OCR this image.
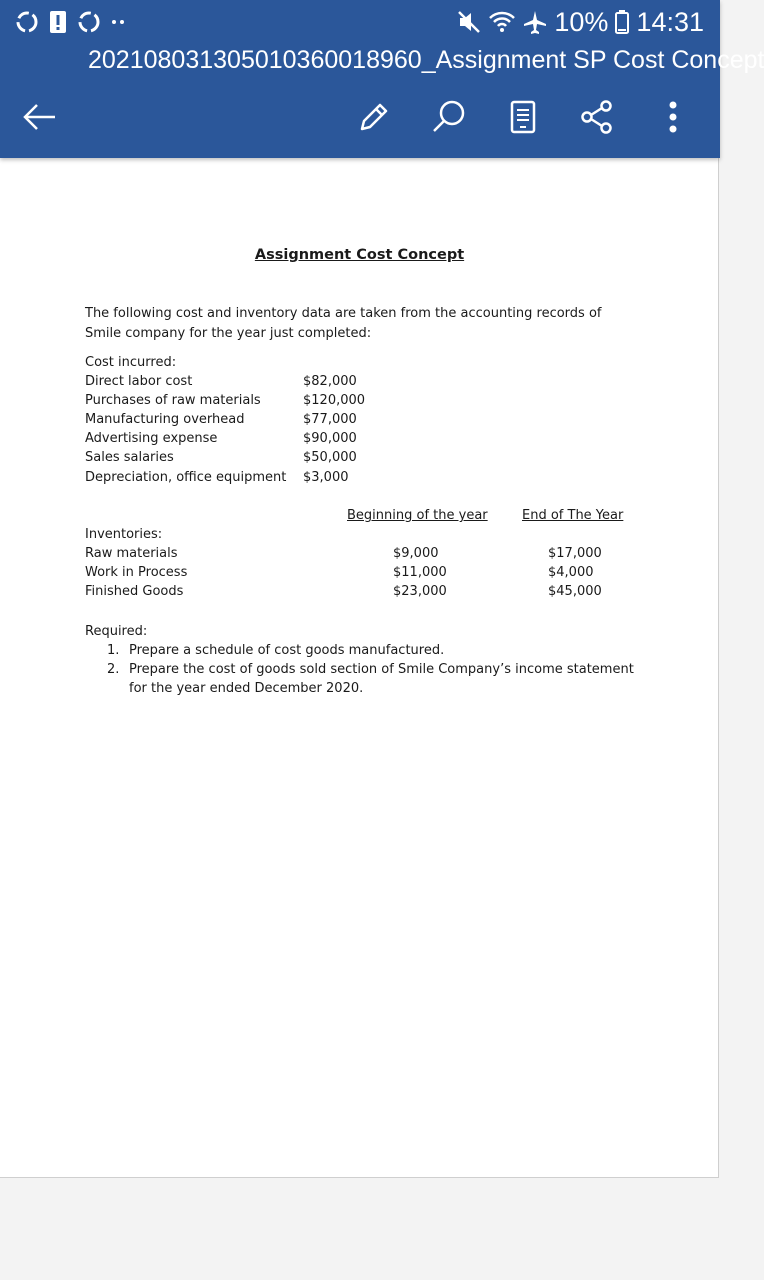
10% 14:31
20210803130501036001896​0_Assignment SP Cost Concept
Assignment Cost Concept
The following cost and inventory data are taken from the accounting records of Smile company for the year just completed:
Cost incurred:
Direct labor cost	$82,000
Purchases of raw materials	$120,000
Manufacturing overhead	$77,000
Advertising expense	$90,000
Sales salaries	$50,000
Depreciation, office equipment $3,000
Beginning of the year	End of The Year
Inventories:
Raw materials	$9,000	$17,000
Work in Process	$11,000	$4,000
Finished Goods	$23,000	$45,000
Required:
1. Prepare a schedule of cost goods manufactured.
2. Prepare the cost of goods sold section of Smile Company’s income statement for the year ended December 2020.
